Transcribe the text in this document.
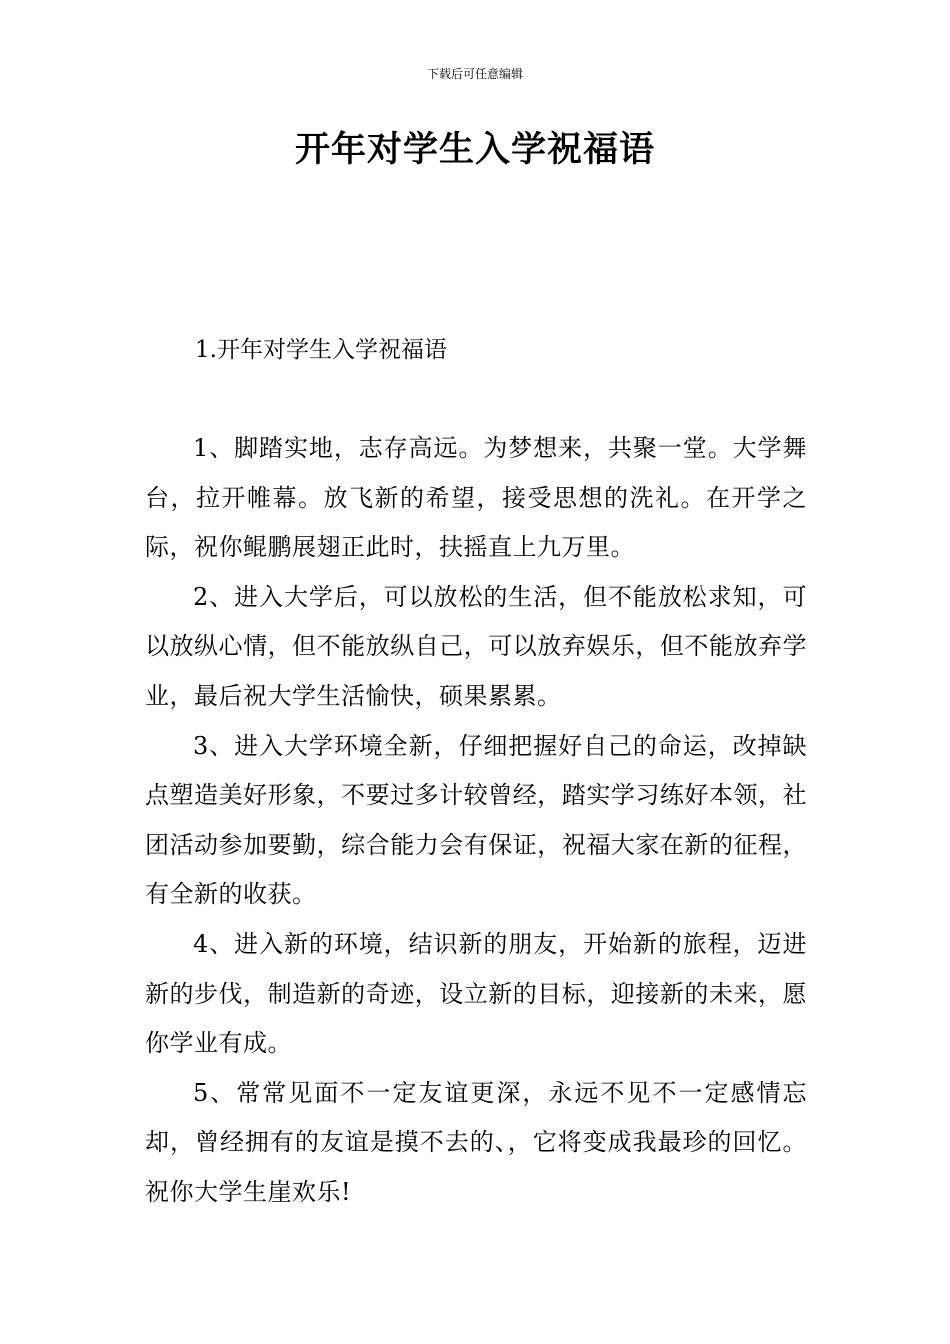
下载后可任意编辑
开年对学生入学祝福语
1.开年对学生入学祝福语

1、脚踏实地，志存高远。为梦想来，共聚一堂。大学舞台，拉开帷幕。放飞新的希望，接受思想的洗礼。在开学之际，祝你鲲鹏展翅正此时，扶摇直上九万里。

2、进入大学后，可以放松的生活，但不能放松求知，可以放纵心情，但不能放纵自己，可以放弃娱乐，但不能放弃学业，最后祝大学生活愉快，硕果累累。

3、进入大学环境全新，仔细把握好自己的命运，改掉缺点塑造美好形象，不要过多计较曾经，踏实学习练好本领，社团活动参加要勤，综合能力会有保证，祝福大家在新的征程，有全新的收获。

4、进入新的环境，结识新的朋友，开始新的旅程，迈进新的步伐，制造新的奇迹，设立新的目标，迎接新的未来，愿你学业有成。

5、常常见面不一定友谊更深，永远不见不一定感情忘却，曾经拥有的友谊是摸不去的、，它将变成我最珍的回忆。祝你大学生崖欢乐!
